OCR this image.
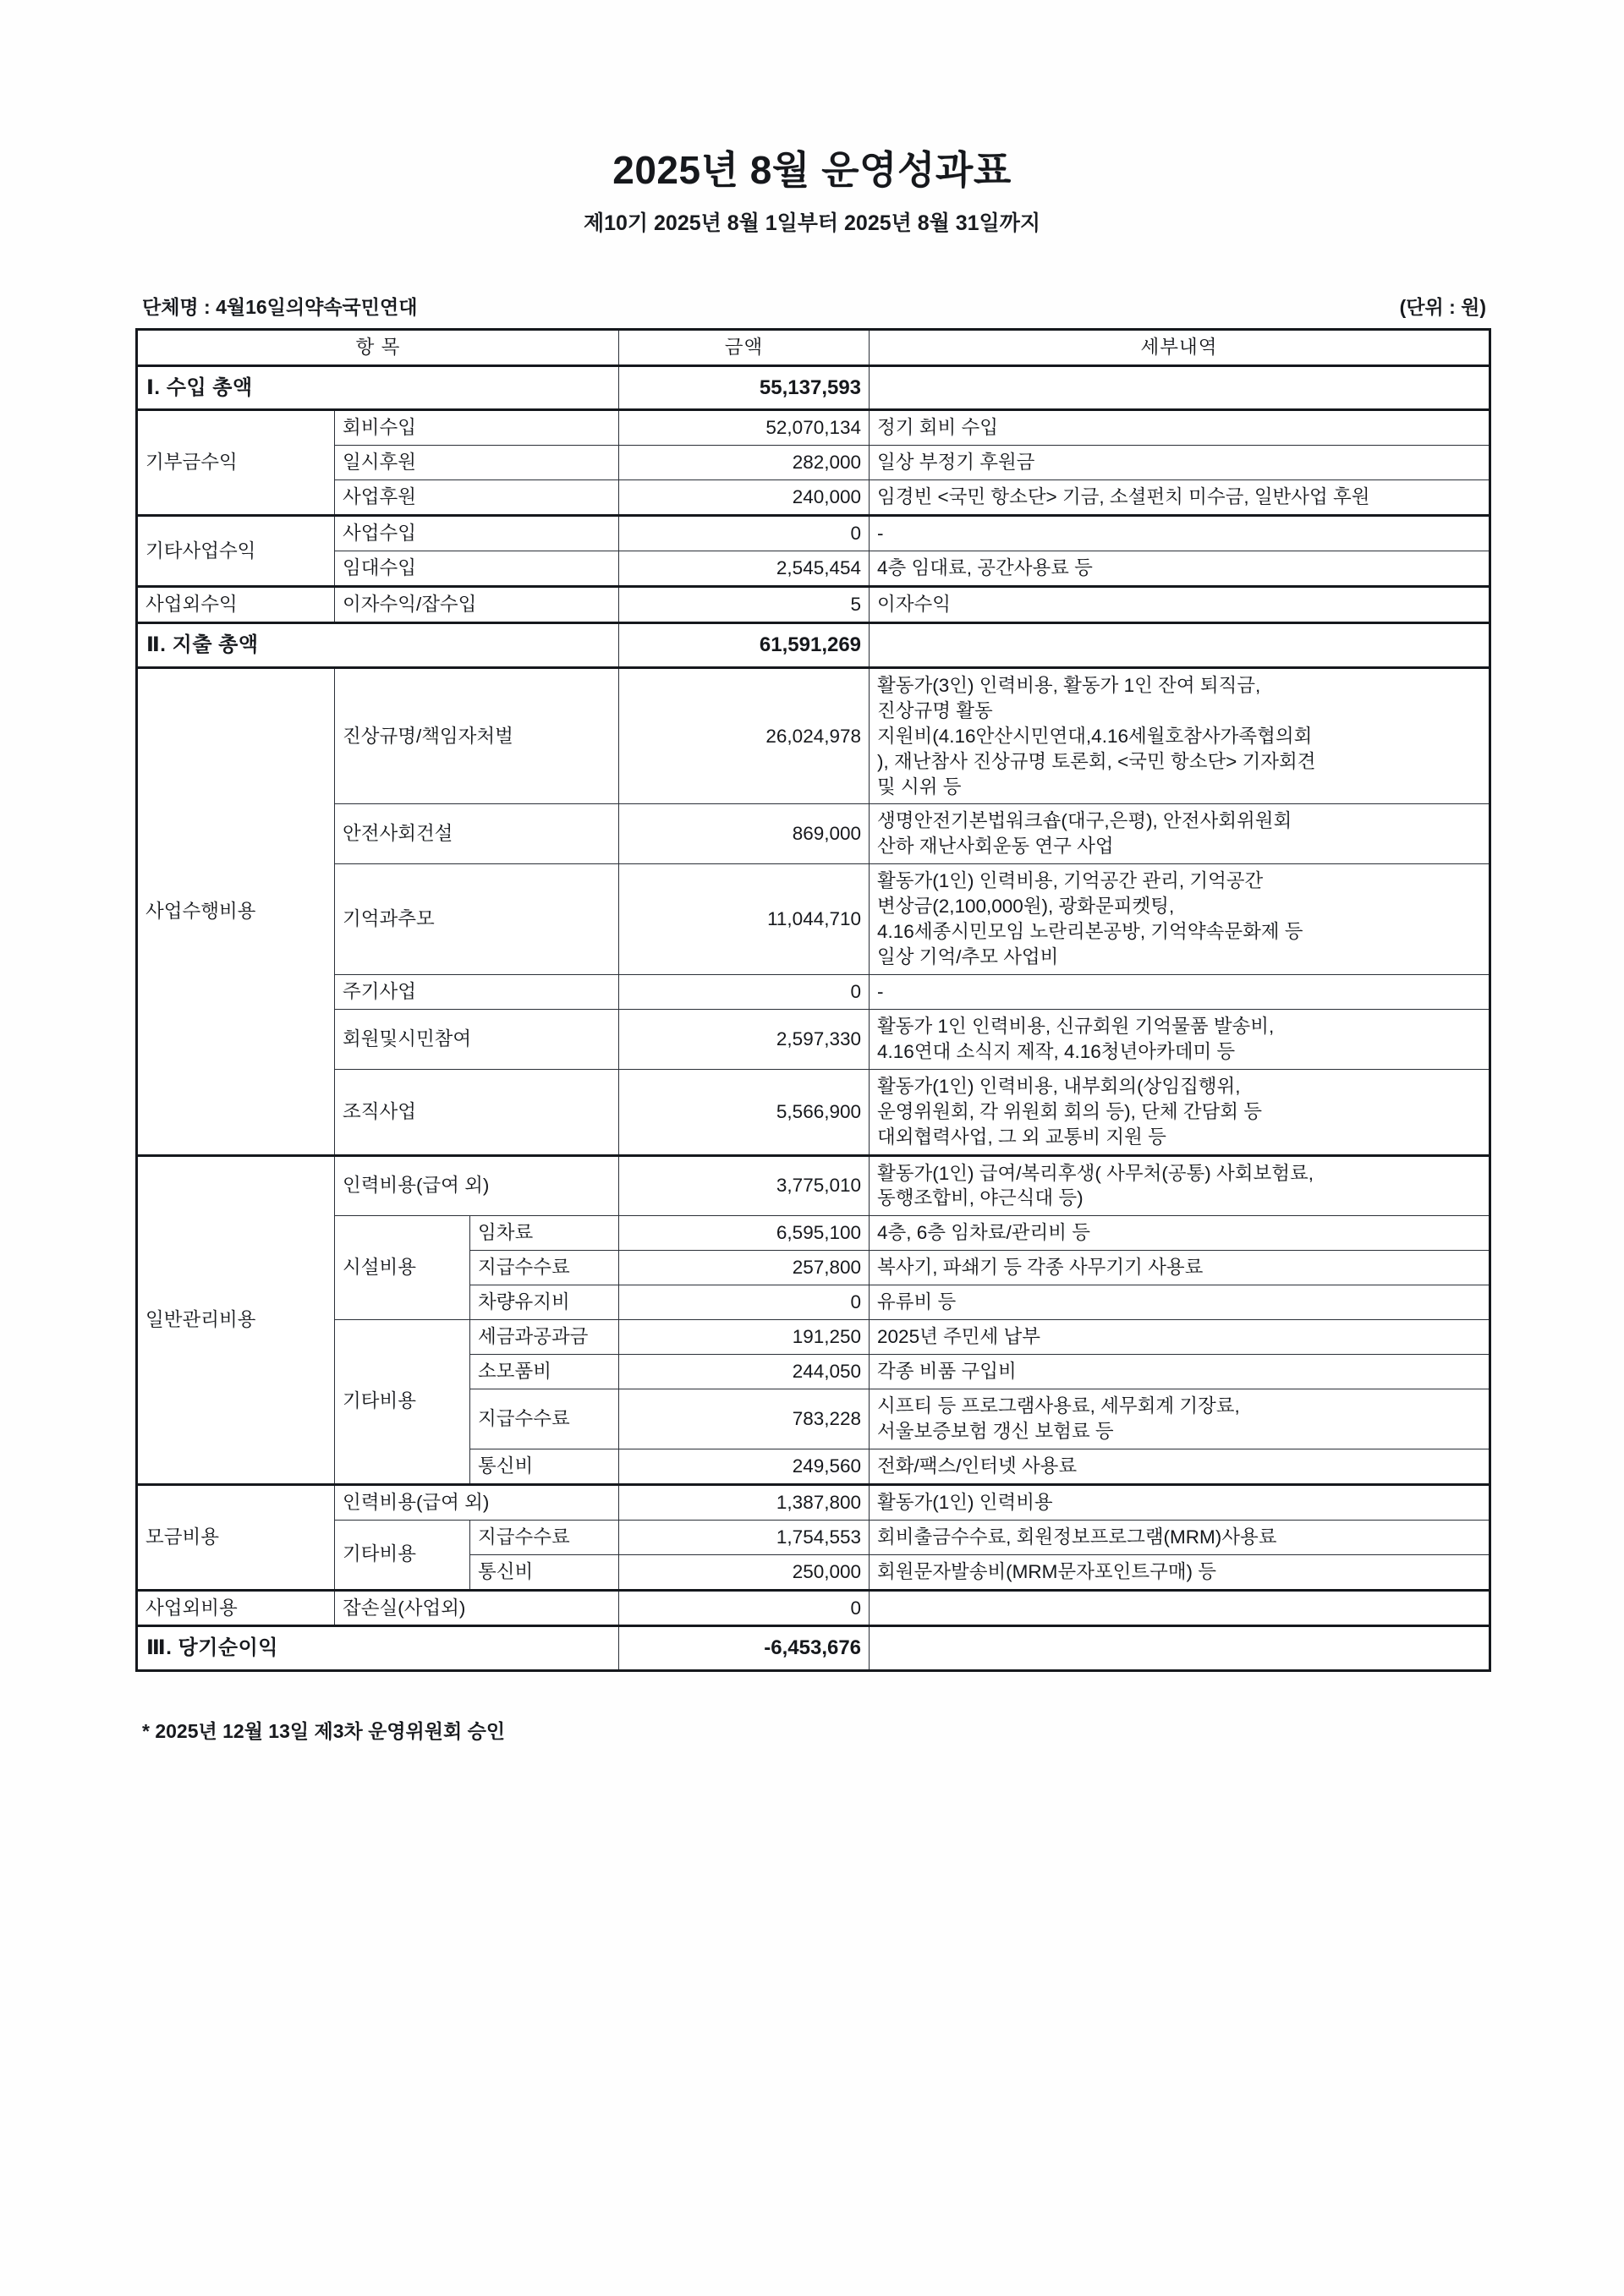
2025년 8월 운영성과표

제10기 2025년 8월 1일부터 2025년 8월 31일까지

단체명 : 4월16일의약속국민연대	(단위 : 원)
항 목			금액	세부내역
Ⅰ. 수입 총액			55,137,593	
기부금수익	회비수입		52,070,134	정기 회비 수입
	일시후원		282,000	일상 부정기 후원금
	사업후원		240,000	임경빈 <국민 항소단> 기금, 소셜펀치 미수금, 일반사업 후원
기타사업수익	사업수입		0	-
	임대수입		2,545,454	4층 임대료, 공간사용료 등
사업외수익	이자수익/잡수입		5	이자수익
Ⅱ. 지출 총액			61,591,269	
사업수행비용	진상규명/책임자처벌		26,024,978	활동가(3인) 인력비용, 활동가 1인 잔여 퇴직금,
진상규명 활동
지원비(4.16안산시민연대,4.16세월호참사가족협의회
), 재난참사 진상규명 토론회, <국민 항소단> 기자회견
및 시위 등
	안전사회건설		869,000	생명안전기본법워크숍(대구,은평), 안전사회위원회
산하 재난사회운동 연구 사업
	기억과추모		11,044,710	활동가(1인) 인력비용, 기억공간 관리, 기억공간
변상금(2,100,000원), 광화문피켓팅,
4.16세종시민모임 노란리본공방, 기억약속문화제 등
일상 기억/추모 사업비
	주기사업		0	-
	회원및시민참여		2,597,330	활동가 1인 인력비용, 신규회원 기억물품 발송비,
4.16연대 소식지 제작, 4.16청년아카데미 등
	조직사업		5,566,900	활동가(1인) 인력비용, 내부회의(상임집행위,
운영위원회, 각 위원회 회의 등), 단체 간담회 등
대외협력사업, 그 외 교통비 지원 등
일반관리비용	인력비용(급여 외)		3,775,010	활동가(1인) 급여/복리후생( 사무처(공통) 사회보험료,
동행조합비, 야근식대 등)
	시설비용	임차료	6,595,100	4층, 6층 임차료/관리비 등
		지급수수료	257,800	복사기, 파쇄기 등 각종 사무기기 사용료
		차량유지비	0	유류비 등
	기타비용	세금과공과금	191,250	2025년 주민세 납부
		소모품비	244,050	각종 비품 구입비
		지급수수료	783,228	시프티 등 프로그램사용료, 세무회계 기장료,
서울보증보험 갱신 보험료 등
		통신비	249,560	전화/팩스/인터넷 사용료
모금비용	인력비용(급여 외)		1,387,800	활동가(1인) 인력비용
	기타비용	지급수수료	1,754,553	회비출금수수료, 회원정보프로그램(MRM)사용료
		통신비	250,000	회원문자발송비(MRM문자포인트구매) 등
사업외비용	잡손실(사업외)		0	
Ⅲ. 당기순이익			-6,453,676	
* 2025년 12월 13일 제3차 운영위원회 승인
